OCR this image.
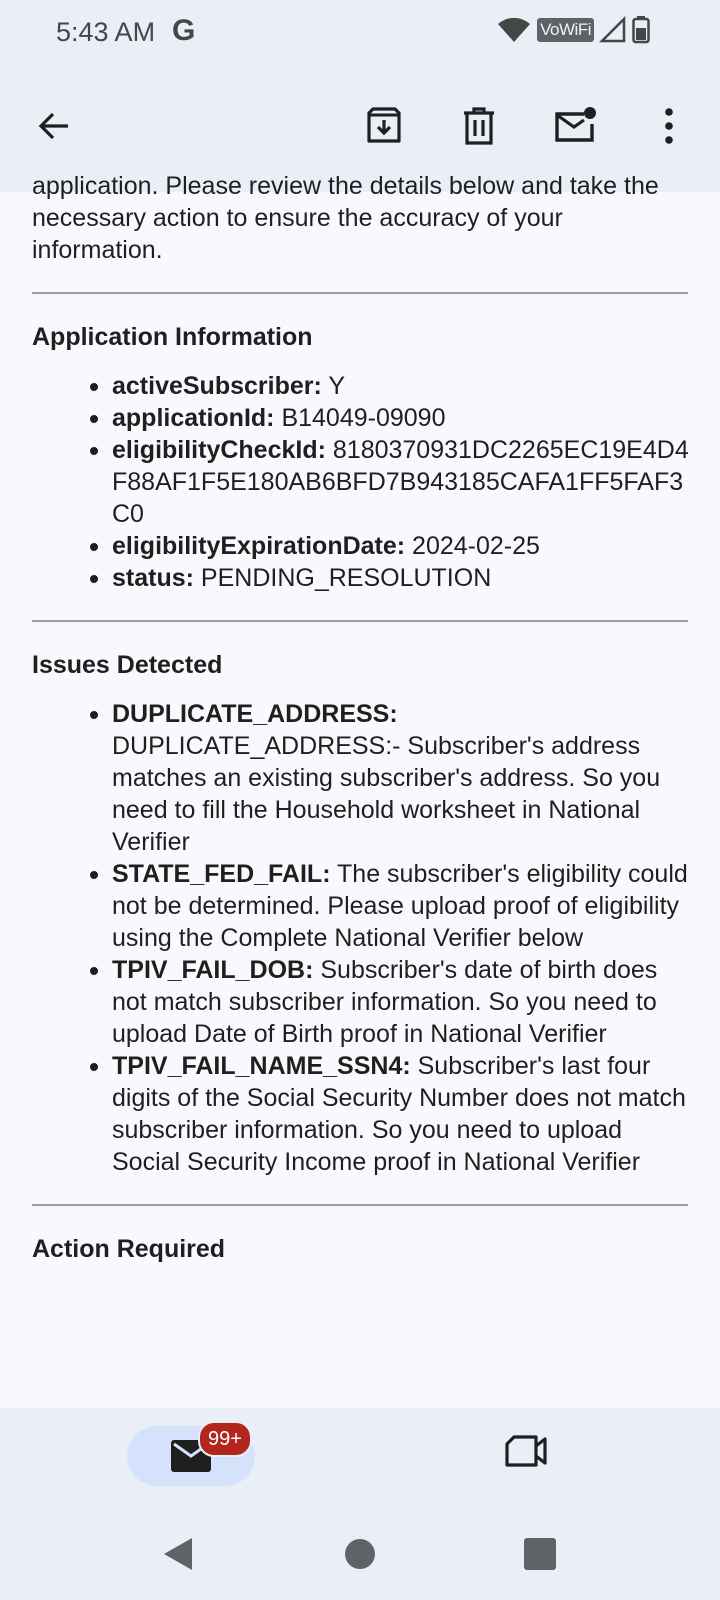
5:43 AM G	VoWiFi

application. Please review the details below and take the necessary action to ensure the accuracy of your information.

Application Information
activeSubscriber: Y
applicationId: B14049-09090
eligibilityCheckId: 8180370931DC2265EC19E4D4F88AF1F5E180AB6BFD7B943185CAFA1FF5FAF3C0
eligibilityExpirationDate: 2024-02-25
status: PENDING_RESOLUTION
Issues Detected
DUPLICATE_ADDRESS: DUPLICATE_ADDRESS:- Subscriber's address matches an existing subscriber's address. So you need to fill the Household worksheet in National Verifier
STATE_FED_FAIL: The subscriber's eligibility could not be determined. Please upload proof of eligibility using the Complete National Verifier below
TPIV_FAIL_DOB: Subscriber's date of birth does not match subscriber information. So you need to upload Date of Birth proof in National Verifier
TPIV_FAIL_NAME_SSN4: Subscriber's last four digits of the Social Security Number does not match subscriber information. So you need to upload Social Security Income proof in National Verifier
Action Required
99+
